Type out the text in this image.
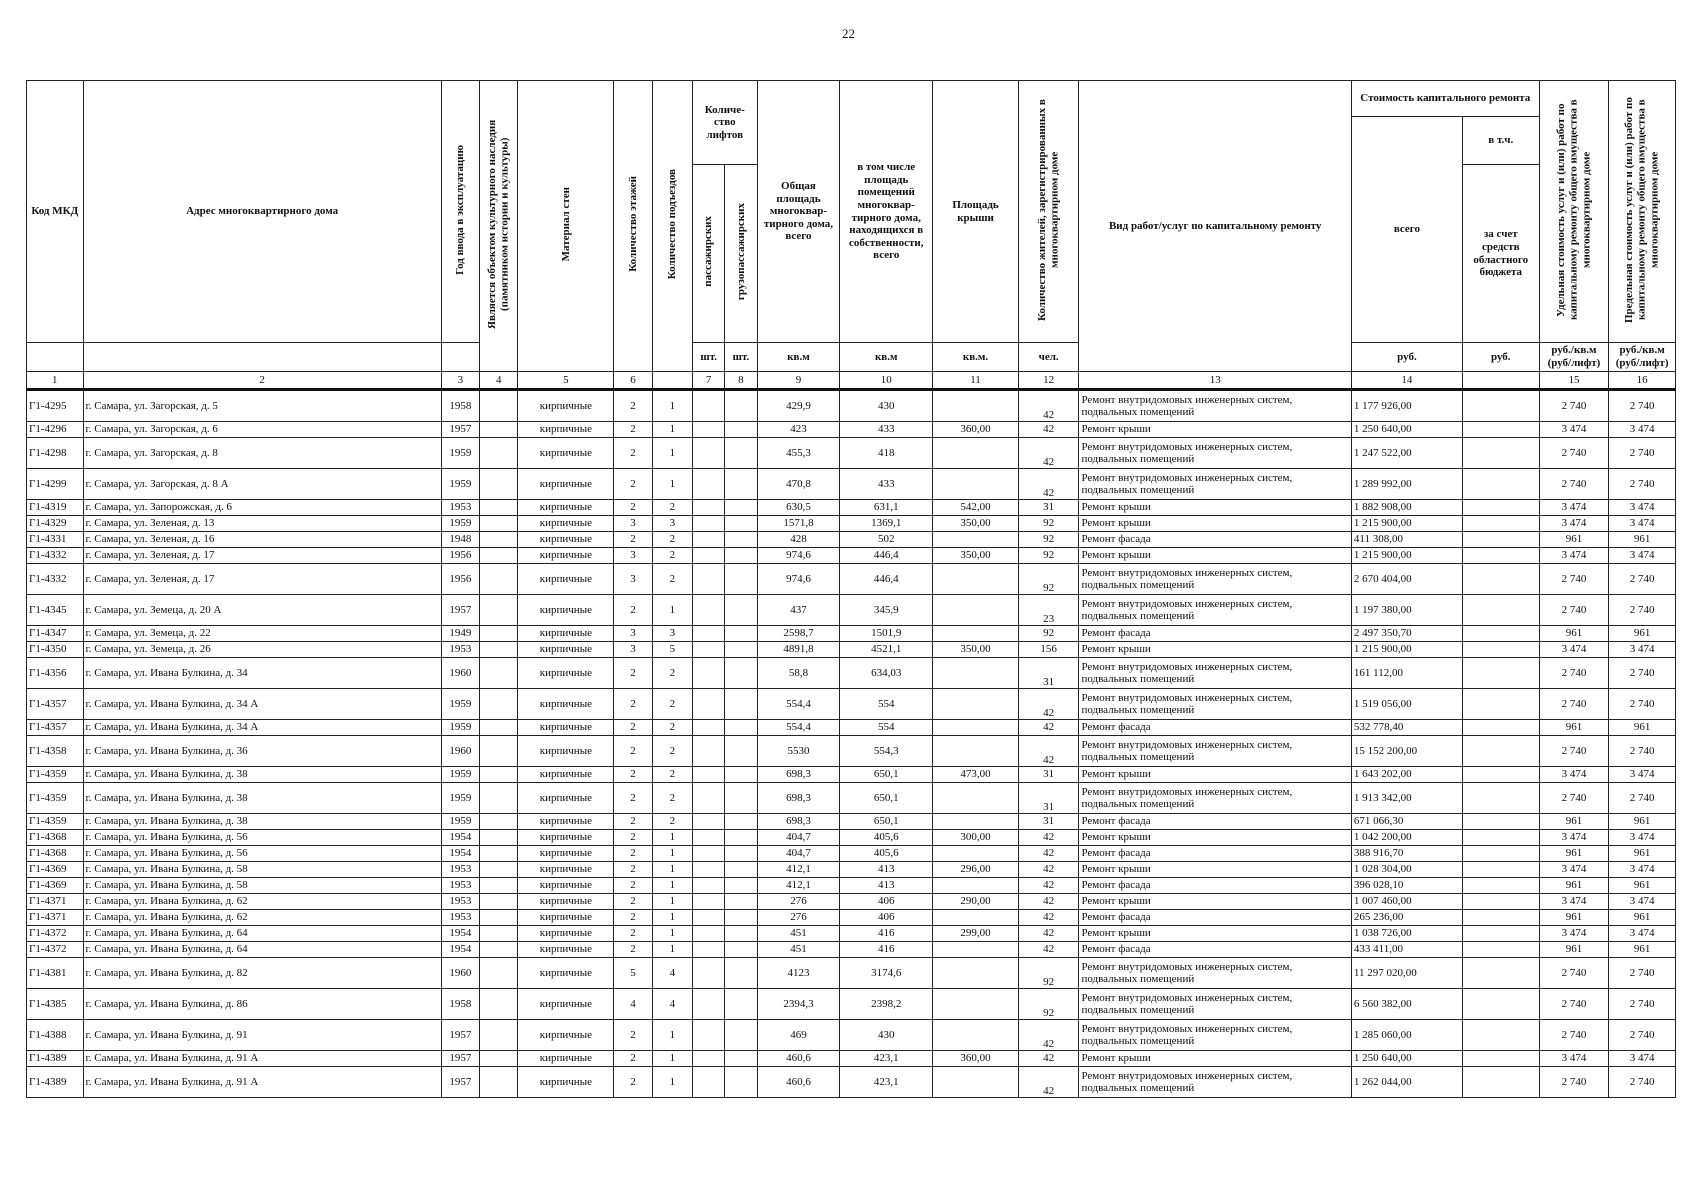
22
Код МКД	Адрес многоквартирного дома	Год ввода в эксплуатацию	Является объектом культурного наследия (памятником истории и культуры)	Материал стен	Количество этажей	Количество подъездов	Количе-ство лифтов		Общая площадь многоквар-тирного дома, всего	в том числе площадь помещений многоквар-тирного дома, находящихся в собственности, всего	Площадь крыши	Количество жителей, зарегистрированных в многоквартирном доме	Вид работ/услуг по капитальному ремонту	Стоимость капитального ремонта		Удельная стоимость услуг и (или) работ по капитальному ремонту общего имущества в многоквартирном доме	Предельная стоимость услуг и (или) работ по капитальному ремонту общего имущества в многоквартирном доме
														всего	в т.ч.		
							пассажирских	грузопассажирских							за счет средств областного бюджета		
							шт.	шт.	кв.м	кв.м	кв.м.	чел.		руб.	руб.	руб./кв.м (руб/лифт)	руб./кв.м (руб/лифт)
1	2	3	4	5	6		7	8	9	10	11	12	13	14		15	16
Г1-4295	г. Самара, ул. Загорская, д. 5	1958		кирпичные	2	1			429,9	430		42	Ремонт внутридомовых инженерных систем, подвальных помещений	1 177 926,00		2 740	2 740
Г1-4296	г. Самара, ул. Загорская, д. 6	1957		кирпичные	2	1			423	433	360,00	42	Ремонт крыши	1 250 640,00		3 474	3 474
Г1-4298	г. Самара, ул. Загорская, д. 8	1959		кирпичные	2	1			455,3	418		42	Ремонт внутридомовых инженерных систем, подвальных помещений	1 247 522,00		2 740	2 740
Г1-4299	г. Самара, ул. Загорская, д. 8 А	1959		кирпичные	2	1			470,8	433		42	Ремонт внутридомовых инженерных систем, подвальных помещений	1 289 992,00		2 740	2 740
Г1-4319	г. Самара, ул. Запорожская, д. 6	1953		кирпичные	2	2			630,5	631,1	542,00	31	Ремонт крыши	1 882 908,00		3 474	3 474
Г1-4329	г. Самара, ул. Зеленая, д. 13	1959		кирпичные	3	3			1571,8	1369,1	350,00	92	Ремонт крыши	1 215 900,00		3 474	3 474
Г1-4331	г. Самара, ул. Зеленая, д. 16	1948		кирпичные	2	2			428	502		92	Ремонт фасада	411 308,00		961	961
Г1-4332	г. Самара, ул. Зеленая, д. 17	1956		кирпичные	3	2			974,6	446,4	350,00	92	Ремонт крыши	1 215 900,00		3 474	3 474
Г1-4332	г. Самара, ул. Зеленая, д. 17	1956		кирпичные	3	2			974,6	446,4		92	Ремонт внутридомовых инженерных систем, подвальных помещений	2 670 404,00		2 740	2 740
Г1-4345	г. Самара, ул. Земеца, д. 20 А	1957		кирпичные	2	1			437	345,9		23	Ремонт внутридомовых инженерных систем, подвальных помещений	1 197 380,00		2 740	2 740
Г1-4347	г. Самара, ул. Земеца, д. 22	1949		кирпичные	3	3			2598,7	1501,9		92	Ремонт фасада	2 497 350,70		961	961
Г1-4350	г. Самара, ул. Земеца, д. 26	1953		кирпичные	3	5			4891,8	4521,1	350,00	156	Ремонт крыши	1 215 900,00		3 474	3 474
Г1-4356	г. Самара, ул. Ивана Булкина, д. 34	1960		кирпичные	2	2			58,8	634,03		31	Ремонт внутридомовых инженерных систем, подвальных помещений	161 112,00		2 740	2 740
Г1-4357	г. Самара, ул. Ивана Булкина, д. 34 А	1959		кирпичные	2	2			554,4	554		42	Ремонт внутридомовых инженерных систем, подвальных помещений	1 519 056,00		2 740	2 740
Г1-4357	г. Самара, ул. Ивана Булкина, д. 34 А	1959		кирпичные	2	2			554,4	554		42	Ремонт фасада	532 778,40		961	961
Г1-4358	г. Самара, ул. Ивана Булкина, д. 36	1960		кирпичные	2	2			5530	554,3		42	Ремонт внутридомовых инженерных систем, подвальных помещений	15 152 200,00		2 740	2 740
Г1-4359	г. Самара, ул. Ивана Булкина, д. 38	1959		кирпичные	2	2			698,3	650,1	473,00	31	Ремонт крыши	1 643 202,00		3 474	3 474
Г1-4359	г. Самара, ул. Ивана Булкина, д. 38	1959		кирпичные	2	2			698,3	650,1		31	Ремонт внутридомовых инженерных систем, подвальных помещений	1 913 342,00		2 740	2 740
Г1-4359	г. Самара, ул. Ивана Булкина, д. 38	1959		кирпичные	2	2			698,3	650,1		31	Ремонт фасада	671 066,30		961	961
Г1-4368	г. Самара, ул. Ивана Булкина, д. 56	1954		кирпичные	2	1			404,7	405,6	300,00	42	Ремонт крыши	1 042 200,00		3 474	3 474
Г1-4368	г. Самара, ул. Ивана Булкина, д. 56	1954		кирпичные	2	1			404,7	405,6		42	Ремонт фасада	388 916,70		961	961
Г1-4369	г. Самара, ул. Ивана Булкина, д. 58	1953		кирпичные	2	1			412,1	413	296,00	42	Ремонт крыши	1 028 304,00		3 474	3 474
Г1-4369	г. Самара, ул. Ивана Булкина, д. 58	1953		кирпичные	2	1			412,1	413		42	Ремонт фасада	396 028,10		961	961
Г1-4371	г. Самара, ул. Ивана Булкина, д. 62	1953		кирпичные	2	1			276	406	290,00	42	Ремонт крыши	1 007 460,00		3 474	3 474
Г1-4371	г. Самара, ул. Ивана Булкина, д. 62	1953		кирпичные	2	1			276	406		42	Ремонт фасада	265 236,00		961	961
Г1-4372	г. Самара, ул. Ивана Булкина, д. 64	1954		кирпичные	2	1			451	416	299,00	42	Ремонт крыши	1 038 726,00		3 474	3 474
Г1-4372	г. Самара, ул. Ивана Булкина, д. 64	1954		кирпичные	2	1			451	416		42	Ремонт фасада	433 411,00		961	961
Г1-4381	г. Самара, ул. Ивана Булкина, д. 82	1960		кирпичные	5	4			4123	3174,6		92	Ремонт внутридомовых инженерных систем, подвальных помещений	11 297 020,00		2 740	2 740
Г1-4385	г. Самара, ул. Ивана Булкина, д. 86	1958		кирпичные	4	4			2394,3	2398,2		92	Ремонт внутридомовых инженерных систем, подвальных помещений	6 560 382,00		2 740	2 740
Г1-4388	г. Самара, ул. Ивана Булкина, д. 91	1957		кирпичные	2	1			469	430		42	Ремонт внутридомовых инженерных систем, подвальных помещений	1 285 060,00		2 740	2 740
Г1-4389	г. Самара, ул. Ивана Булкина, д. 91 А	1957		кирпичные	2	1			460,6	423,1	360,00	42	Ремонт крыши	1 250 640,00		3 474	3 474
Г1-4389	г. Самара, ул. Ивана Булкина, д. 91 А	1957		кирпичные	2	1			460,6	423,1		42	Ремонт внутридомовых инженерных систем, подвальных помещений	1 262 044,00		2 740	2 740
